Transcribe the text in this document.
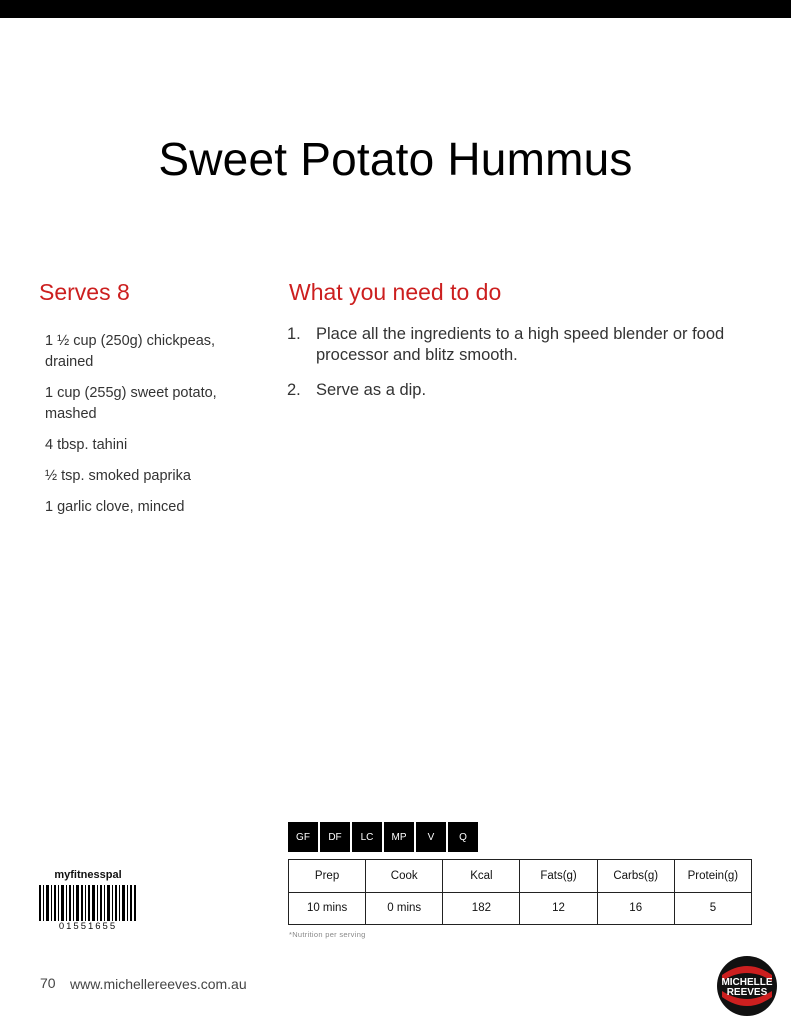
Sweet Potato Hummus
Serves 8	What you need to do
1 ½ cup (250g) chickpeas, drained
1 cup (255g) sweet potato, mashed
4 tbsp. tahini
½ tsp. smoked paprika
1 garlic clove, minced
1. Place all the ingredients to a high speed blender or food processor and blitz smooth.
2. Serve as a dip.
GF	DF	LC	MP	V	Q
Prep	Cook	Kcal	Fats(g)	Carbs(g)	Protein(g)
10 mins	0 mins	182	12	16	5
*Nutrition per serving
myfitnesspal
01551655
70 www.michellereeves.com.au	MICHELLE
REEVES
